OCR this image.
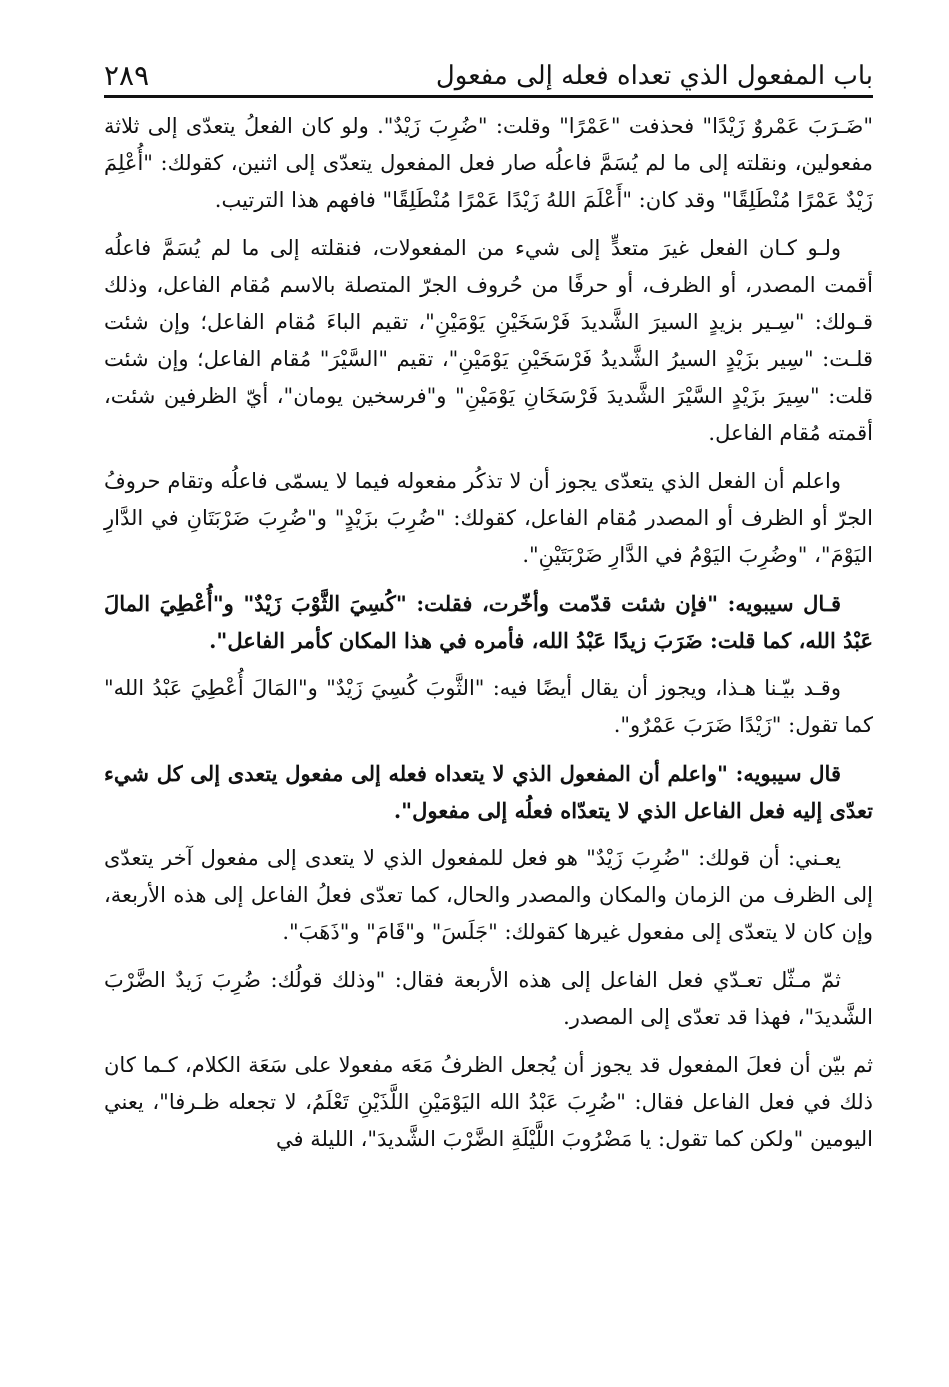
باب المفعول الذي تعداه فعله إلى مفعول
٢٨٩

"ضَـرَبَ عَمْروٌ زَيْدًا" فحذفت "عَمْرًا" وقلت: "ضُرِبَ زَيْدٌ". ولو كان الفعلُ يتعدّى إلى ثلاثة مفعولين، ونقلته إلى ما لم يُسَمَّ فاعلُه صار فعل المفعول يتعدّى إلى اثنين، كقولك: "أُعْلِمَ زَيْدٌ عَمْرًا مُنْطَلِقًا" وقد كان: "أَعْلَمَ اللهُ زَيْدًا عَمْرًا مُنْطَلِقًا" فافهم هذا الترتيب.

ولـو كـان الفعل غيرَ متعدٍّ إلى شيء من المفعولات، فنقلته إلى ما لم يُسَمَّ فاعلُه أقمت المصدر، أو الظرف، أو حرفًا من حُروف الجرّ المتصلة بالاسم مُقام الفاعل، وذلك قـولك: "سِـير بزيدٍ السيرَ الشَّديدَ فَرْسَخَيْنِ يَوْمَيْنِ"، تقيم الباءَ مُقام الفاعل؛ وإن شئت قلـت: "سِير بزَيْدٍ السيرُ الشَّديدُ فَرْسَخَيْنِ يَوْمَيْنِ"، تقيم "السَّيْرَ" مُقام الفاعل؛ وإن شئت قلت: "سِيرَ بزَيْدٍ السَّيْرَ الشَّديدَ فَرْسَخَانِ يَوْمَيْنِ" و"فرسخين يومان"، أيّ الظرفين شئت، أقمته مُقام الفاعل.

واعلم أن الفعل الذي يتعدّى يجوز أن لا تذكُر مفعوله فيما لا يسمّى فاعلُه وتقام حروفُ الجرّ أو الظرف أو المصدر مُقام الفاعل، كقولك: "ضُرِبَ بزَيْدٍ" و"ضُرِبَ ضَرْبَتَانِ في الدَّارِ اليَوْمَ"، "وضُرِبَ اليَوْمُ في الدَّارِ ضَرْبَتَيْنِ".

قـال سيبويه: "فإن شئت قدّمت وأخّرت، فقلت: "كُسِيَ الثَّوْبَ زَيْدٌ" و"أُعْطِيَ المالَ عَبْدُ الله، كما قلت: ضَرَبَ زيدًا عَبْدُ الله، فأمره في هذا المكان كأمر الفاعل".

وقـد بيّـنا هـذا، ويجوز أن يقال أيضًا فيه: "الثَّوبَ كُسِيَ زَيْدٌ" و"المَالَ أُعْطِيَ عَبْدُ الله" كما تقول: "زَيْدًا ضَرَبَ عَمْرٌو".

قال سيبويه: "واعلم أن المفعول الذي لا يتعداه فعله إلى مفعول يتعدى إلى كل شيء تعدّى إليه فعل الفاعل الذي لا يتعدّاه فعلُه إلى مفعول".

يعـني: أن قولك: "ضُرِبَ زَيْدٌ" هو فعل للمفعول الذي لا يتعدى إلى مفعول آخر يتعدّى إلى الظرف من الزمان والمكان والمصدر والحال، كما تعدّى فعلُ الفاعل إلى هذه الأربعة، وإن كان لا يتعدّى إلى مفعول غيرها كقولك: "جَلَسَ" و"قَامَ" و"ذَهَبَ".

ثمّ مـثّل تعـدّي فعل الفاعل إلى هذه الأربعة فقال: "وذلك قولُك: ضُرِبَ زَيدٌ الضَّرْبَ الشَّديدَ"، فهذا قد تعدّى إلى المصدر.

ثم بيّن أن فعلَ المفعول قد يجوز أن يُجعل الظرفُ مَعَه مفعولا على سَعَة الكلام، كـما كان ذلك في فعل الفاعل فقال: "ضُرِبَ عَبْدُ الله اليَوْمَيْنِ اللَّذَيْنِ تَعْلَمُ، لا تجعله ظـرفا"، يعني اليومين "ولكن كما تقول: يا مَضْرُوبَ اللَّيْلَةِ الضَّرْبَ الشَّديدَ"، الليلة في
